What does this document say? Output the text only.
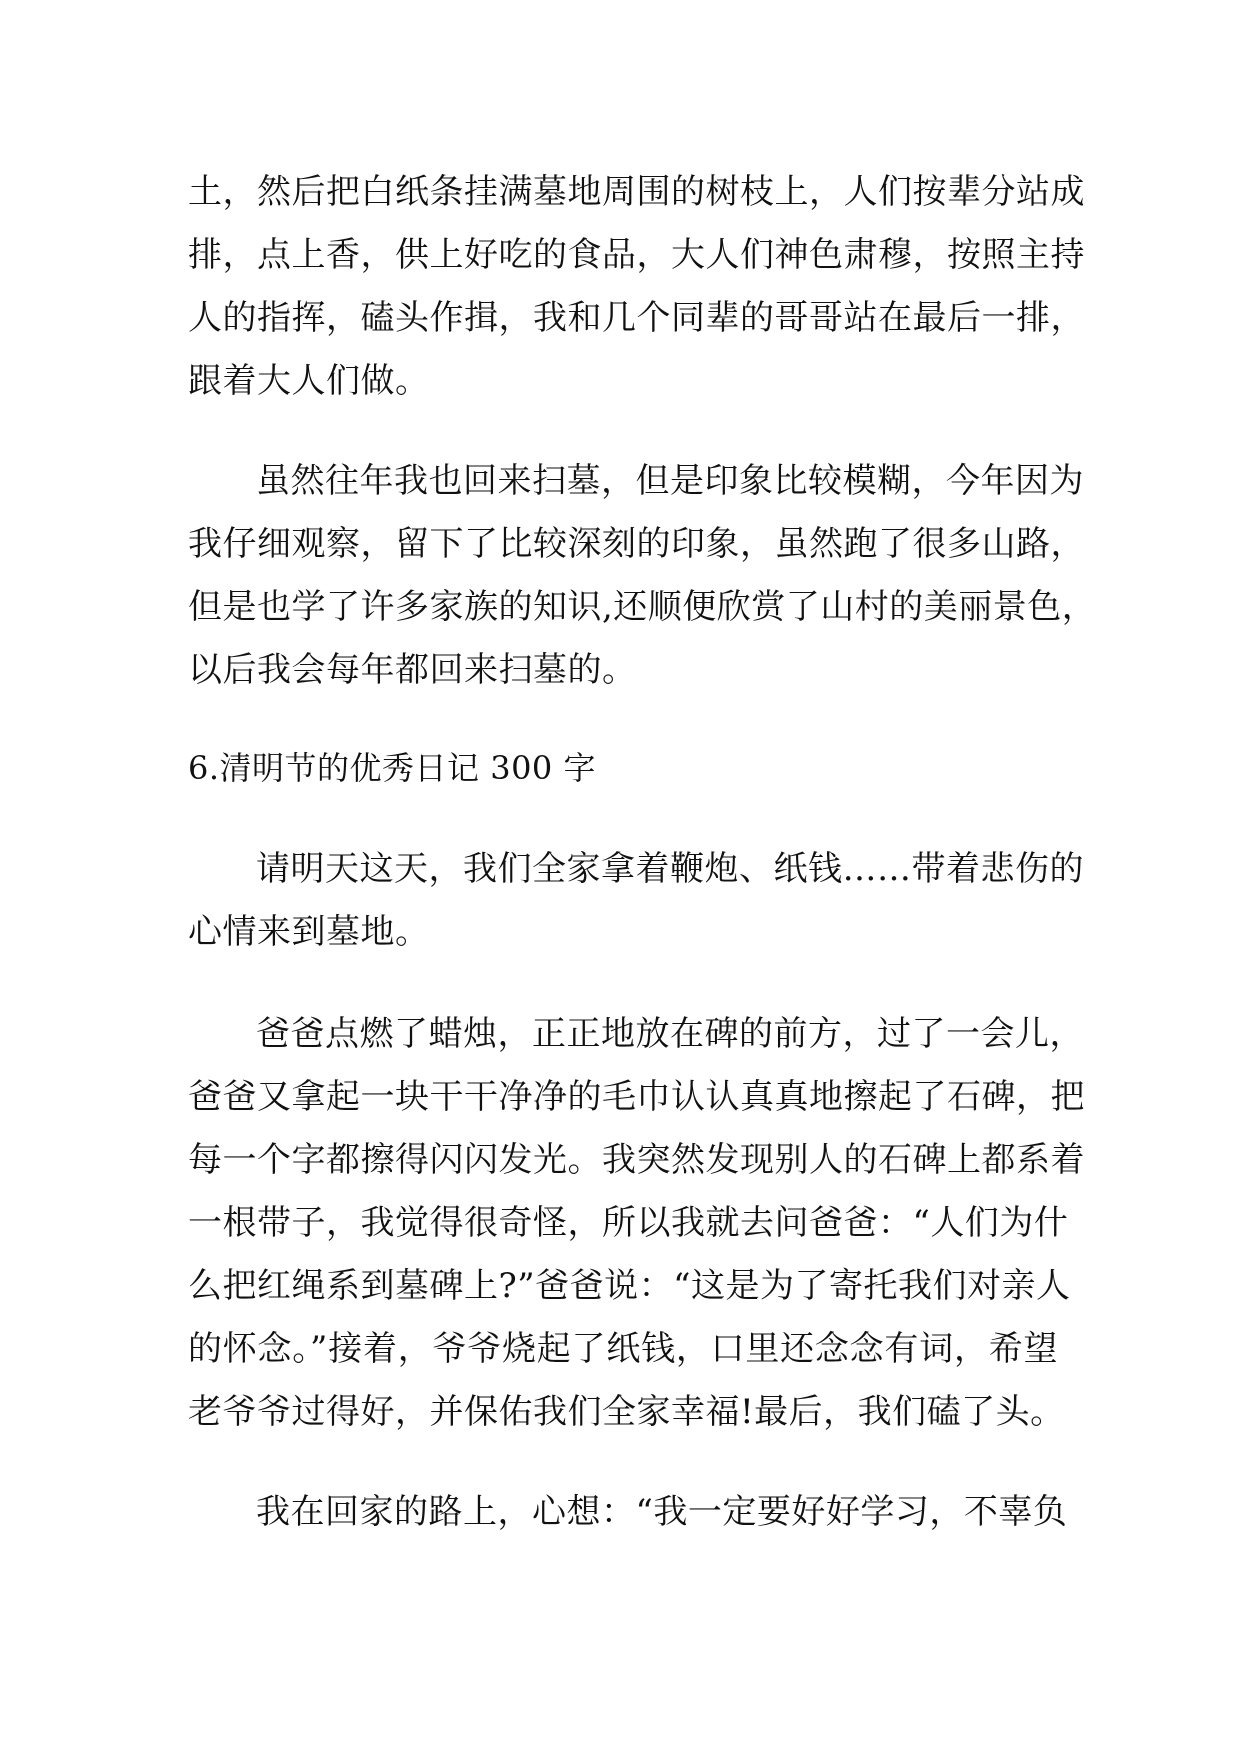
土，然后把白纸条挂满墓地周围的树枝上，人们按辈分站成
排，点上香，供上好吃的食品，大人们神色肃穆，按照主持
人的指挥，磕头作揖，我和几个同辈的哥哥站在最后一排，
跟着大人们做。
虽然往年我也回来扫墓，但是印象比较模糊，今年因为
我仔细观察，留下了比较深刻的印象，虽然跑了很多山路，
但是也学了许多家族的知识,还顺便欣赏了山村的美丽景色，
以后我会每年都回来扫墓的。
6.清明节的优秀日记 300 字
请明天这天，我们全家拿着鞭炮、纸钱……带着悲伤的
心情来到墓地。
爸爸点燃了蜡烛，正正地放在碑的前方，过了一会儿，
爸爸又拿起一块干干净净的毛巾认认真真地擦起了石碑，把
每一个字都擦得闪闪发光。我突然发现别人的石碑上都系着
一根带子，我觉得很奇怪，所以我就去问爸爸：“人们为什
么把红绳系到墓碑上?”爸爸说：“这是为了寄托我们对亲人
的怀念。”接着，爷爷烧起了纸钱，口里还念念有词，希望
老爷爷过得好，并保佑我们全家幸福!最后，我们磕了头。
我在回家的路上，心想：“我一定要好好学习，不辜负
